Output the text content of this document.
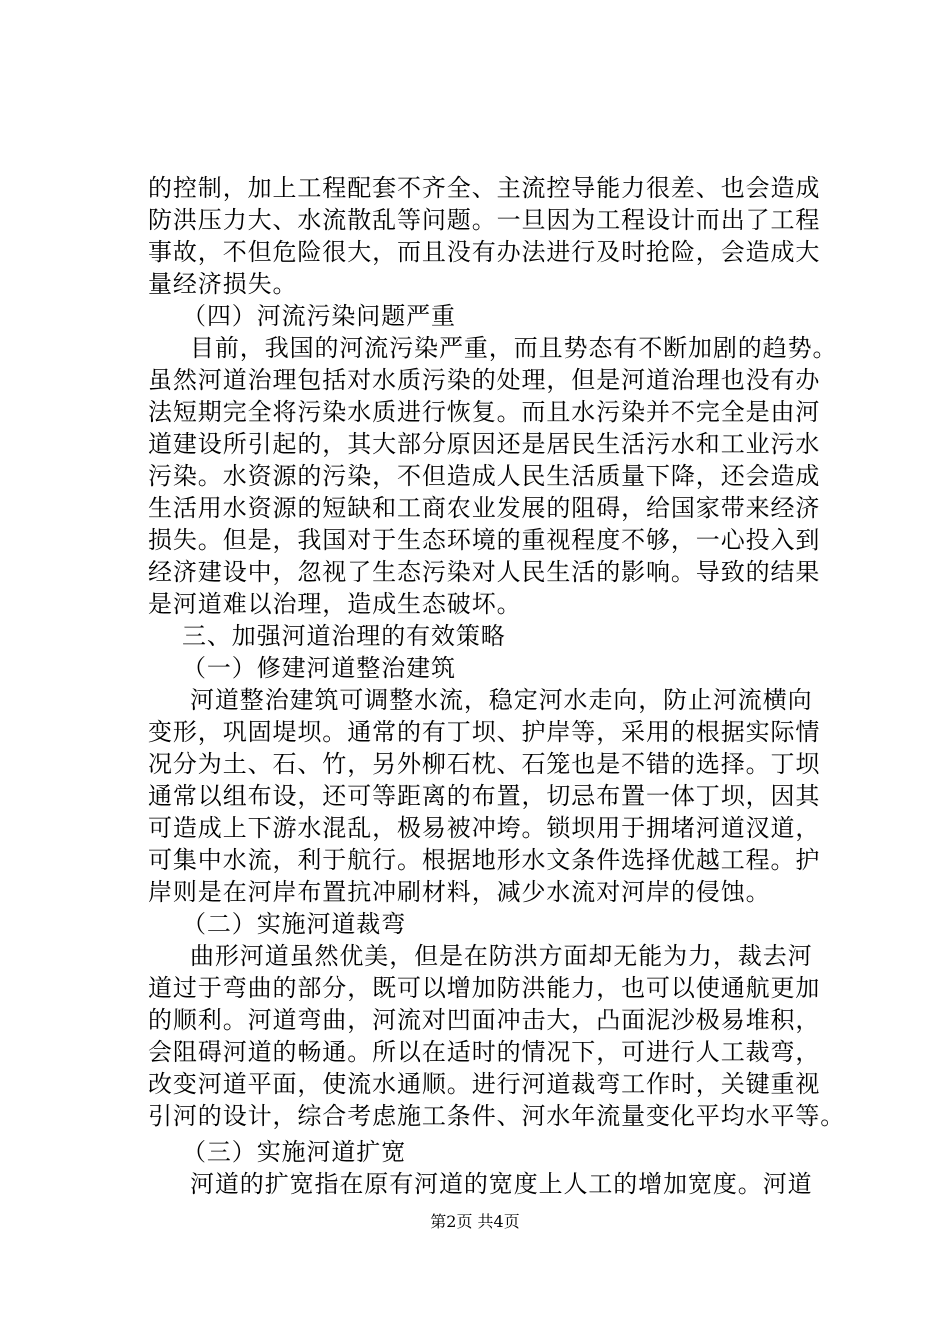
的控制，加上工程配套不齐全、主流控导能力很差、也会造成
防洪压力大、水流散乱等问题。一旦因为工程设计而出了工程
事故，不但危险很大，而且没有办法进行及时抢险，会造成大
量经济损失。
（四）河流污染问题严重
目前，我国的河流污染严重，而且势态有不断加剧的趋势。
虽然河道治理包括对水质污染的处理，但是河道治理也没有办
法短期完全将污染水质进行恢复。而且水污染并不完全是由河
道建设所引起的，其大部分原因还是居民生活污水和工业污水
污染。水资源的污染，不但造成人民生活质量下降，还会造成
生活用水资源的短缺和工商农业发展的阻碍，给国家带来经济
损失。但是，我国对于生态环境的重视程度不够，一心投入到
经济建设中，忽视了生态污染对人民生活的影响。导致的结果
是河道难以治理，造成生态破坏。
三、加强河道治理的有效策略
（一）修建河道整治建筑
河道整治建筑可调整水流，稳定河水走向，防止河流横向
变形，巩固堤坝。通常的有丁坝、护岸等，采用的根据实际情
况分为土、石、竹，另外柳石枕、石笼也是不错的选择。丁坝
通常以组布设，还可等距离的布置，切忌布置一体丁坝，因其
可造成上下游水混乱，极易被冲垮。锁坝用于拥堵河道汊道，
可集中水流，利于航行。根据地形水文条件选择优越工程。护
岸则是在河岸布置抗冲刷材料，减少水流对河岸的侵蚀。
（二）实施河道裁弯
曲形河道虽然优美，但是在防洪方面却无能为力，裁去河
道过于弯曲的部分，既可以增加防洪能力，也可以使通航更加
的顺利。河道弯曲，河流对凹面冲击大，凸面泥沙极易堆积，
会阻碍河道的畅通。所以在适时的情况下，可进行人工裁弯，
改变河道平面，使流水通顺。进行河道裁弯工作时，关键重视
引河的设计，综合考虑施工条件、河水年流量变化平均水平等。
（三）实施河道扩宽
河道的扩宽指在原有河道的宽度上人工的增加宽度。河道
第2页 共4页
